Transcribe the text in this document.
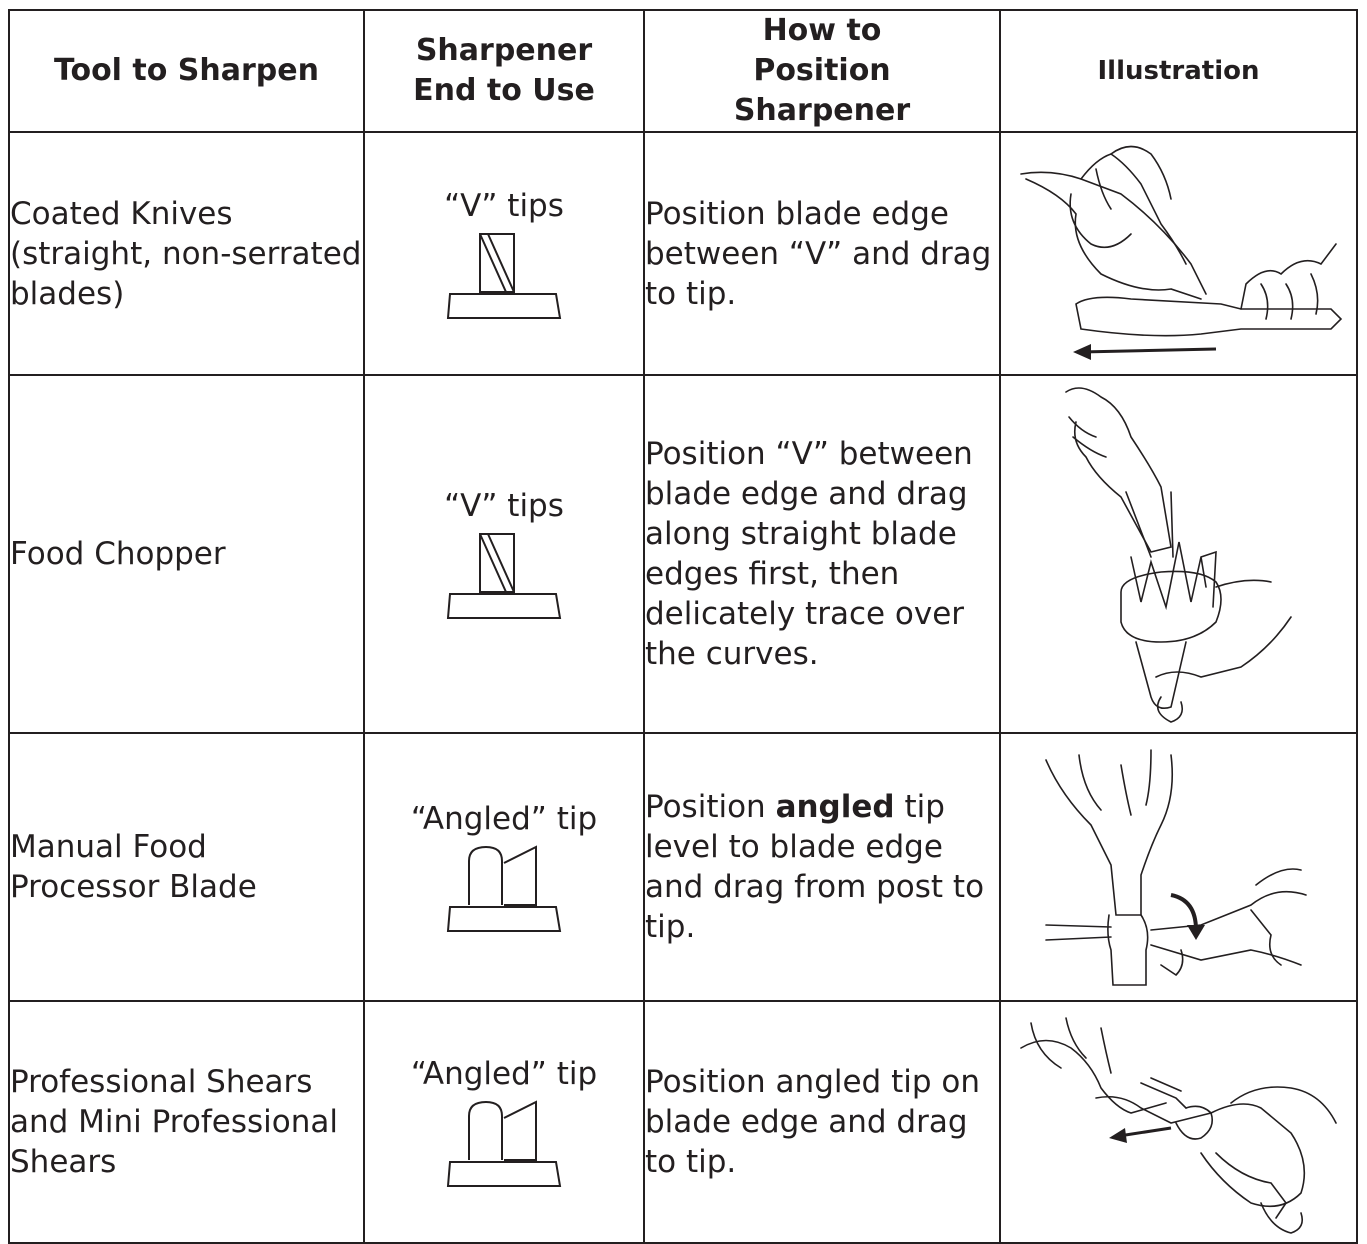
Tool to Sharpen	Sharpener End to Use	How to Position Sharpener	Illustration
Coated Knives (straight, non-serrated blades)	“V” tips	Position blade edge between “V” and drag to tip.	

Food Chopper	“V” tips	Position “V” between blade edge and drag along straight blade edges first, then delicately trace over the curves.	

Manual Food Processor Blade	“Angled” tip	Position angled tip level to blade edge and drag from post to tip.	

Professional Shears and Mini Professional Shears	“Angled” tip	Position angled tip on blade edge and drag to tip.	
